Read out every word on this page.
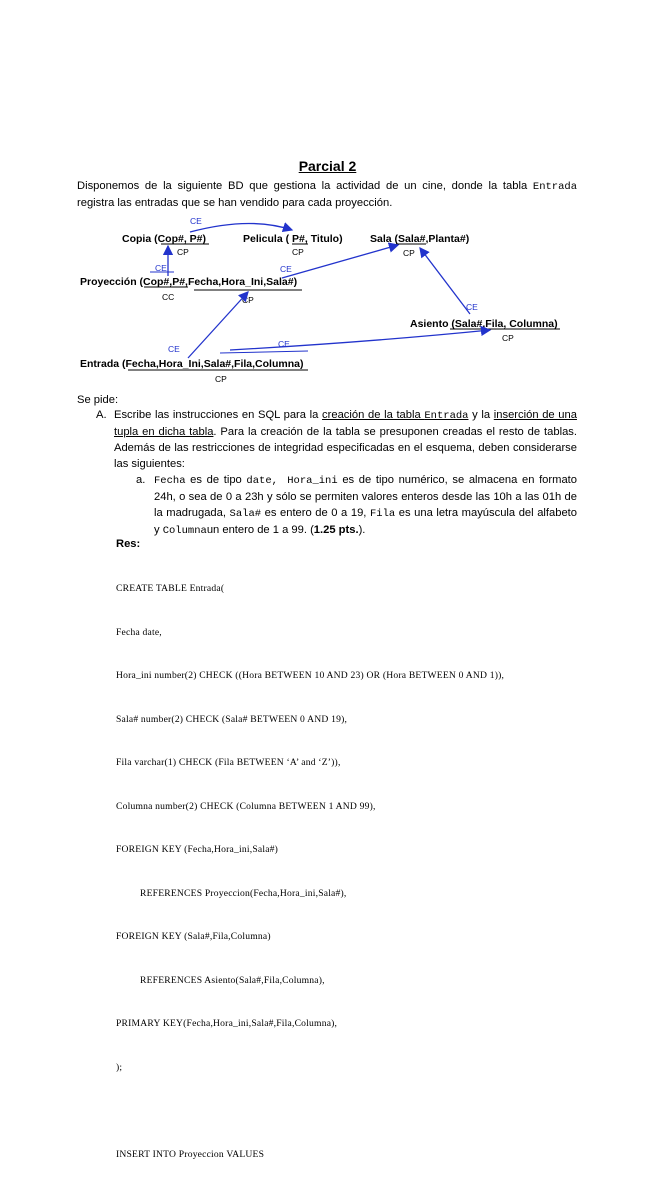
Parcial 2
Disponemos de la siguiente BD que gestiona la actividad de un cine, donde la tabla Entrada registra las entradas que se han vendido para cada proyección.
Copia (Cop#, P#)
CP
Pelicula ( P#, Titulo)
CP
Sala (Sala#,Planta#)
CP
Proyección (Cop#,P#,Fecha,Hora_Ini,Sala#)
CC	CP
Asiento (Sala#,Fila, Columna)
CP
Entrada (Fecha,Hora_Ini,Sala#,Fila,Columna)
CP
CE
CE	CE
CE
CE	CE
Se pide:
A. Escribe las instrucciones en SQL para la creación de la tabla Entrada y la inserción de una tupla en dicha tabla. Para la creación de la tabla se presuponen creadas el resto de tablas. Además de las restricciones de integridad especificadas en el esquema, deben considerarse las siguientes:
a. Fecha es de tipo date, Hora_ini es de tipo numérico, se almacena en formato 24h, o sea de 0 a 23h y sólo se permiten valores enteros desde las 10h a las 01h de la madrugada, Sala# es entero de 0 a 19, Fila es una letra mayúscula del alfabeto y Columnaun entero de 1 a 99. (1.25 pts.).
Res:

CREATE TABLE Entrada(

Fecha date,

Hora_ini number(2) CHECK ((Hora BETWEEN 10 AND 23) OR (Hora BETWEEN 0 AND 1)),

Sala# number(2) CHECK (Sala# BETWEEN 0 AND 19),

Fila varchar(1) CHECK (Fila BETWEEN ‘A’ and ‘Z’)),

Columna number(2) CHECK (Columna BETWEEN 1 AND 99),

FOREIGN KEY (Fecha,Hora_ini,Sala#)

REFERENCES Proyeccion(Fecha,Hora_ini,Sala#),

FOREIGN KEY (Sala#,Fila,Columna)

REFERENCES Asiento(Sala#,Fila,Columna),

PRIMARY KEY(Fecha,Hora_ini,Sala#,Fila,Columna),

);

INSERT INTO Proyeccion VALUES
